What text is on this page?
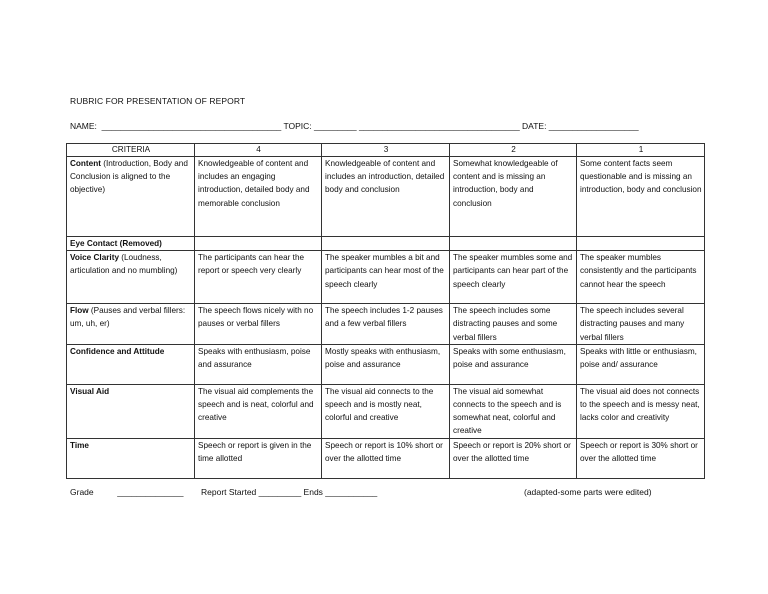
RUBRIC FOR PRESENTATION OF REPORT
NAME:  ______________________________________ TOPIC: _________ __________________________________ DATE: ___________________
CRITERIA	4	3	2	1
Content (Introduction, Body and Conclusion is aligned to the objective)	Knowledgeable of content and includes an engaging introduction, detailed body and memorable conclusion	Knowledgeable of content and includes an introduction, detailed body and conclusion	Somewhat knowledgeable of content and is missing an introduction, body and conclusion	Some content facts seem questionable and is missing an introduction, body and conclusion
Eye Contact (Removed)				
Voice Clarity (Loudness, articulation and no mumbling)	The participants can hear the report or speech very clearly	The speaker mumbles a bit and participants can hear most of the speech clearly	The speaker mumbles some and participants can hear part of the speech clearly	The speaker mumbles consistently and the participants cannot hear the speech
Flow (Pauses and verbal fillers: um, uh, er)	The speech flows nicely with no pauses or verbal fillers	The speech includes 1-2 pauses and a few verbal fillers	The speech includes some distracting pauses and some verbal fillers	The speech includes several distracting pauses and many verbal fillers
Confidence and Attitude	Speaks with enthusiasm, poise and assurance	Mostly speaks with enthusiasm, poise and assurance	Speaks with some enthusiasm, poise and assurance	Speaks with little or enthusiasm, poise and/ assurance
Visual Aid	The visual aid complements the speech and is neat, colorful and creative	The visual aid connects to the speech and is mostly neat, colorful and creative	The visual aid somewhat connects to the speech and is somewhat neat, colorful and creative	The visual aid does not connects to the speech and is messy neat, lacks color and creativity
Time	Speech or report is given in the time allotted	Speech or report is 10% short or over the allotted time	Speech or report is 20% short or over the allotted time	Speech or report is 30% short or over the allotted time
Grade          ______________ Report Started _________ Ends ___________	(adapted-some parts were edited)
